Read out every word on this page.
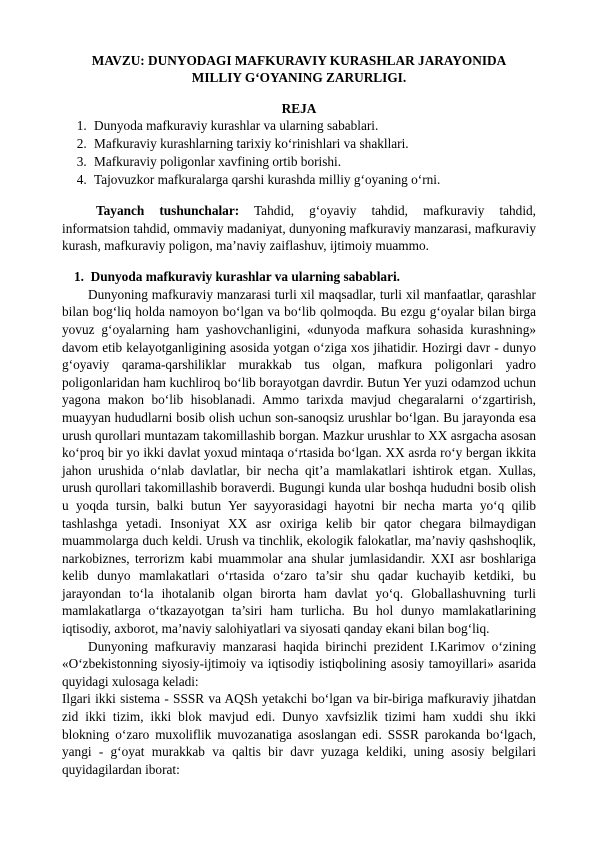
MAVZU: DUNYODAGI MAFKURAVIY KURASHLAR JARAYONIDA

MILLIY G‘OYANING ZARURLIGI.

REJA

1. Dunyoda mafkuraviy kurashlar va ularning sabablari.
2. Mafkuraviy kurashlarning tarixiy ko‘rinishlari va shakllari.
3. Mafkuraviy poligonlar xavfining ortib borishi.
4. Tajovuzkor mafkuralarga qarshi kurashda milliy g‘oyaning o‘rni.

Tayanch tushunchalar: Tahdid, g‘oyaviy tahdid, mafkuraviy tahdid, informatsion tahdid, ommaviy madaniyat, dunyoning mafkuraviy manzarasi, mafkuraviy kurash, mafkuraviy poligon, ma’naviy zaiflashuv, ijtimoiy muammo.

1. Dunyoda mafkuraviy kurashlar va ularning sabablari.

Dunyoning mafkuraviy manzarasi turli xil maqsadlar, turli xil manfaatlar, qarashlar bilan bog‘liq holda namoyon bo‘lgan va bo‘lib qolmoqda. Bu ezgu g‘oyalar bilan birga yovuz g‘oyalarning ham yashovchanligini, «dunyoda mafkura sohasida kurashning» davom etib kelayotganligining asosida yotgan o‘ziga xos jihatidir. Hozirgi davr - dunyo g‘oyaviy qarama-qarshiliklar murakkab tus olgan, mafkura poligonlari yadro poligonlaridan ham kuchliroq bo‘lib borayotgan davrdir. Butun Yer yuzi odamzod uchun yagona makon bo‘lib hisoblanadi. Ammo tarixda mavjud chegaralarni o‘zgartirish, muayyan hududlarni bosib olish uchun son-sanoqsiz urushlar bo‘lgan. Bu jarayonda esa urush qurollari muntazam takomillashib borgan. Mazkur urushlar to XX asrgacha asosan ko‘proq bir yo ikki davlat yoxud mintaqa o‘rtasida bo‘lgan. XX asrda ro‘y bergan ikkita jahon urushida o‘nlab davlatlar, bir necha qit’a mamlakatlari ishtirok etgan. Xullas, urush qurollari takomillashib boraverdi. Bugungi kunda ular boshqa hududni bosib olish u yoqda tursin, balki butun Yer sayyorasidagi hayotni bir necha marta yo‘q qilib tashlashga yetadi. Insoniyat XX asr oxiriga kelib bir qator chegara bilmaydigan muammolarga duch keldi. Urush va tinchlik, ekologik falokatlar, ma’naviy qashshoqlik, narkobiznes, terrorizm kabi muammolar ana shular jumlasidandir. XXI asr boshlariga kelib dunyo mamlakatlari o‘rtasida o‘zaro ta’sir shu qadar kuchayib ketdiki, bu jarayondan to‘la ihotalanib olgan birorta ham davlat yo‘q. Globallashuvning turli mamlakatlarga o‘tkazayotgan ta’siri ham turlicha. Bu hol dunyo mamlakatlarining iqtisodiy, axborot, ma’naviy salohiyatlari va siyosati qanday ekani bilan bog‘liq.

Dunyoning mafkuraviy manzarasi haqida birinchi prezident I.Karimov o‘zining «O‘zbekistonning siyosiy-ijtimoiy va iqtisodiy istiqbolining asosiy tamoyillari» asarida quyidagi xulosaga keladi:

Ilgari ikki sistema - SSSR va AQSh yetakchi bo‘lgan va bir-biriga mafkuraviy jihatdan zid ikki tizim, ikki blok mavjud edi. Dunyo xavfsizlik tizimi ham xuddi shu ikki blokning o‘zaro muxoliflik muvozanatiga asoslangan edi. SSSR parokanda bo‘lgach, yangi - g‘oyat murakkab va qaltis bir davr yuzaga keldiki, uning asosiy belgilari quyidagilardan iborat:
